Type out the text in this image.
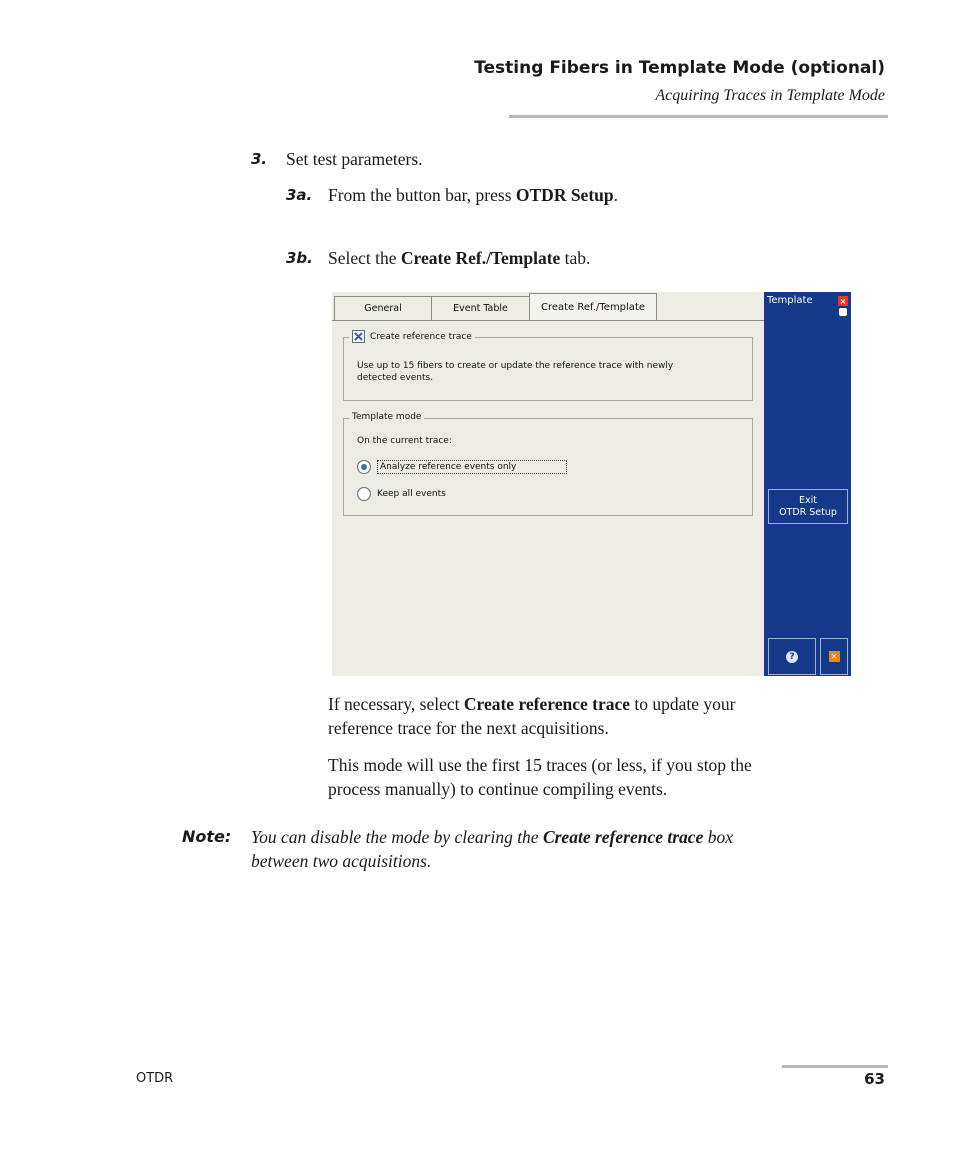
Testing Fibers in Template Mode (optional)
Acquiring Traces in Template Mode
3. Set test parameters.
3a. From the button bar, press OTDR Setup.
3b. Select the Create Ref./Template tab.
General	Event Table	Create Ref./Template
Create reference trace
Use up to 15 fibers to create or update the reference trace with newly
detected events.
Template mode
On the current trace:
Analyze reference events only
Keep all events
Template	×
Exit
OTDR Setup
?	✕
If necessary, select Create reference trace to update your
reference trace for the next acquisitions.
This mode will use the first 15 traces (or less, if you stop the
process manually) to continue compiling events.
Note: You can disable the mode by clearing the Create reference trace box
between two acquisitions.
OTDR	63
